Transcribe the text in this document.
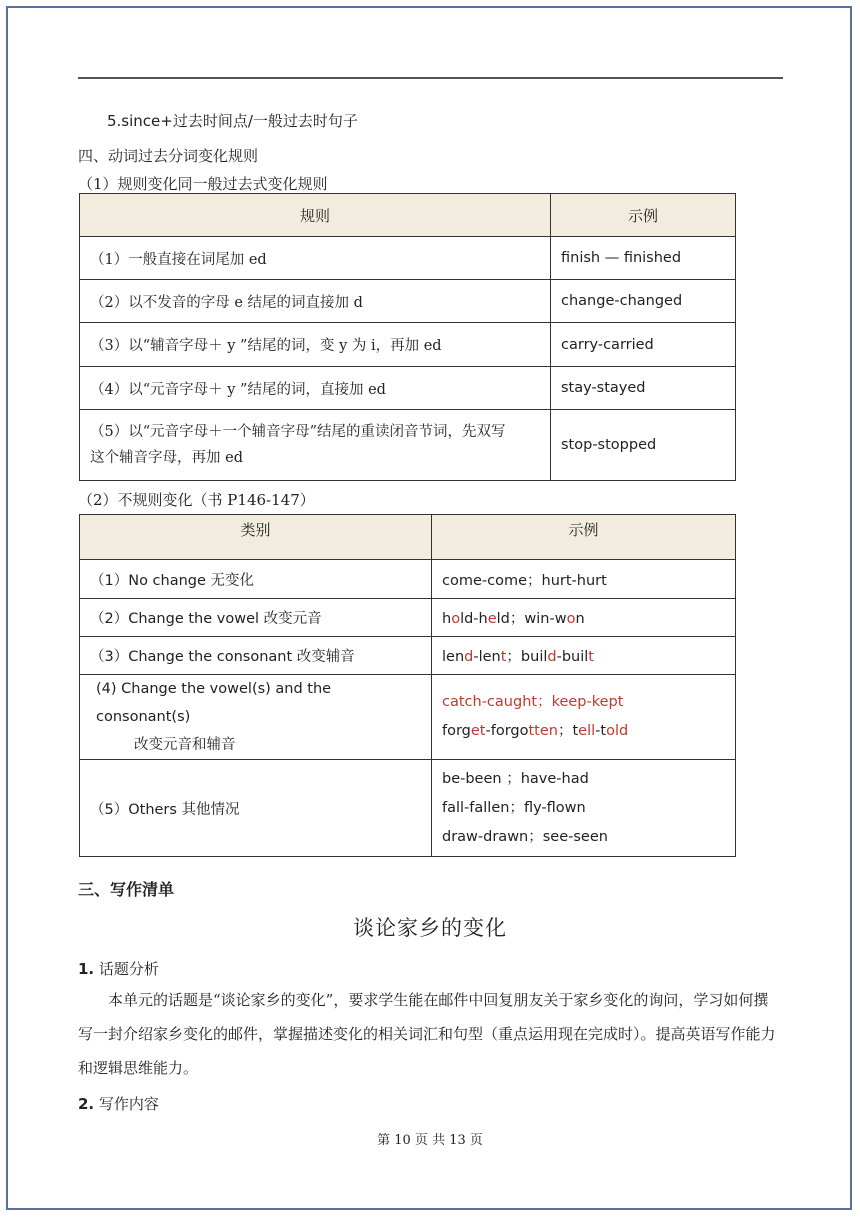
5.since+过去时间点/一般过去时句子
四、动词过去分词变化规则
（1）规则变化同一般过去式变化规则
规则	示例
（1）一般直接在词尾加 ed	finish — finished
（2）以不发音的字母 e 结尾的词直接加 d	change-changed
（3）以“辅音字母＋ y ”结尾的词，变 y 为 i，再加 ed	carry-carried
（4）以“元音字母＋ y ”结尾的词，直接加 ed	stay-stayed

（5）以“元音字母＋一个辅音字母”结尾的重读闭音节词，先双写
这个辅音字母，再加 ed	stop-stopped
（2）不规则变化（书 P146-147）
类别	示例
（1）No change 无变化	come-come；hurt-hurt
（2）Change the vowel 改变元音	hold-held；win-won
（3）Change the consonant 改变辅音	lend-lent；build-built

(4) Change the vowel(s) and the consonant(s)
改变元音和辅音	catch-caught；keep-kept
forget-forgotten；tell-told

（5）Others 其他情况	be-been ；have-had
fall-fallen；fly-flown
draw-drawn；see-seen
三、写作清单
谈论家乡的变化
1. 话题分析
本单元的话题是“谈论家乡的变化”，要求学生能在邮件中回复朋友关于家乡变化的询问，学习如何撰写一封介绍家乡变化的邮件，掌握描述变化的相关词汇和句型（重点运用现在完成时）。提高英语写作能力和逻辑思维能力。
2. 写作内容
第 10 页 共 13 页
